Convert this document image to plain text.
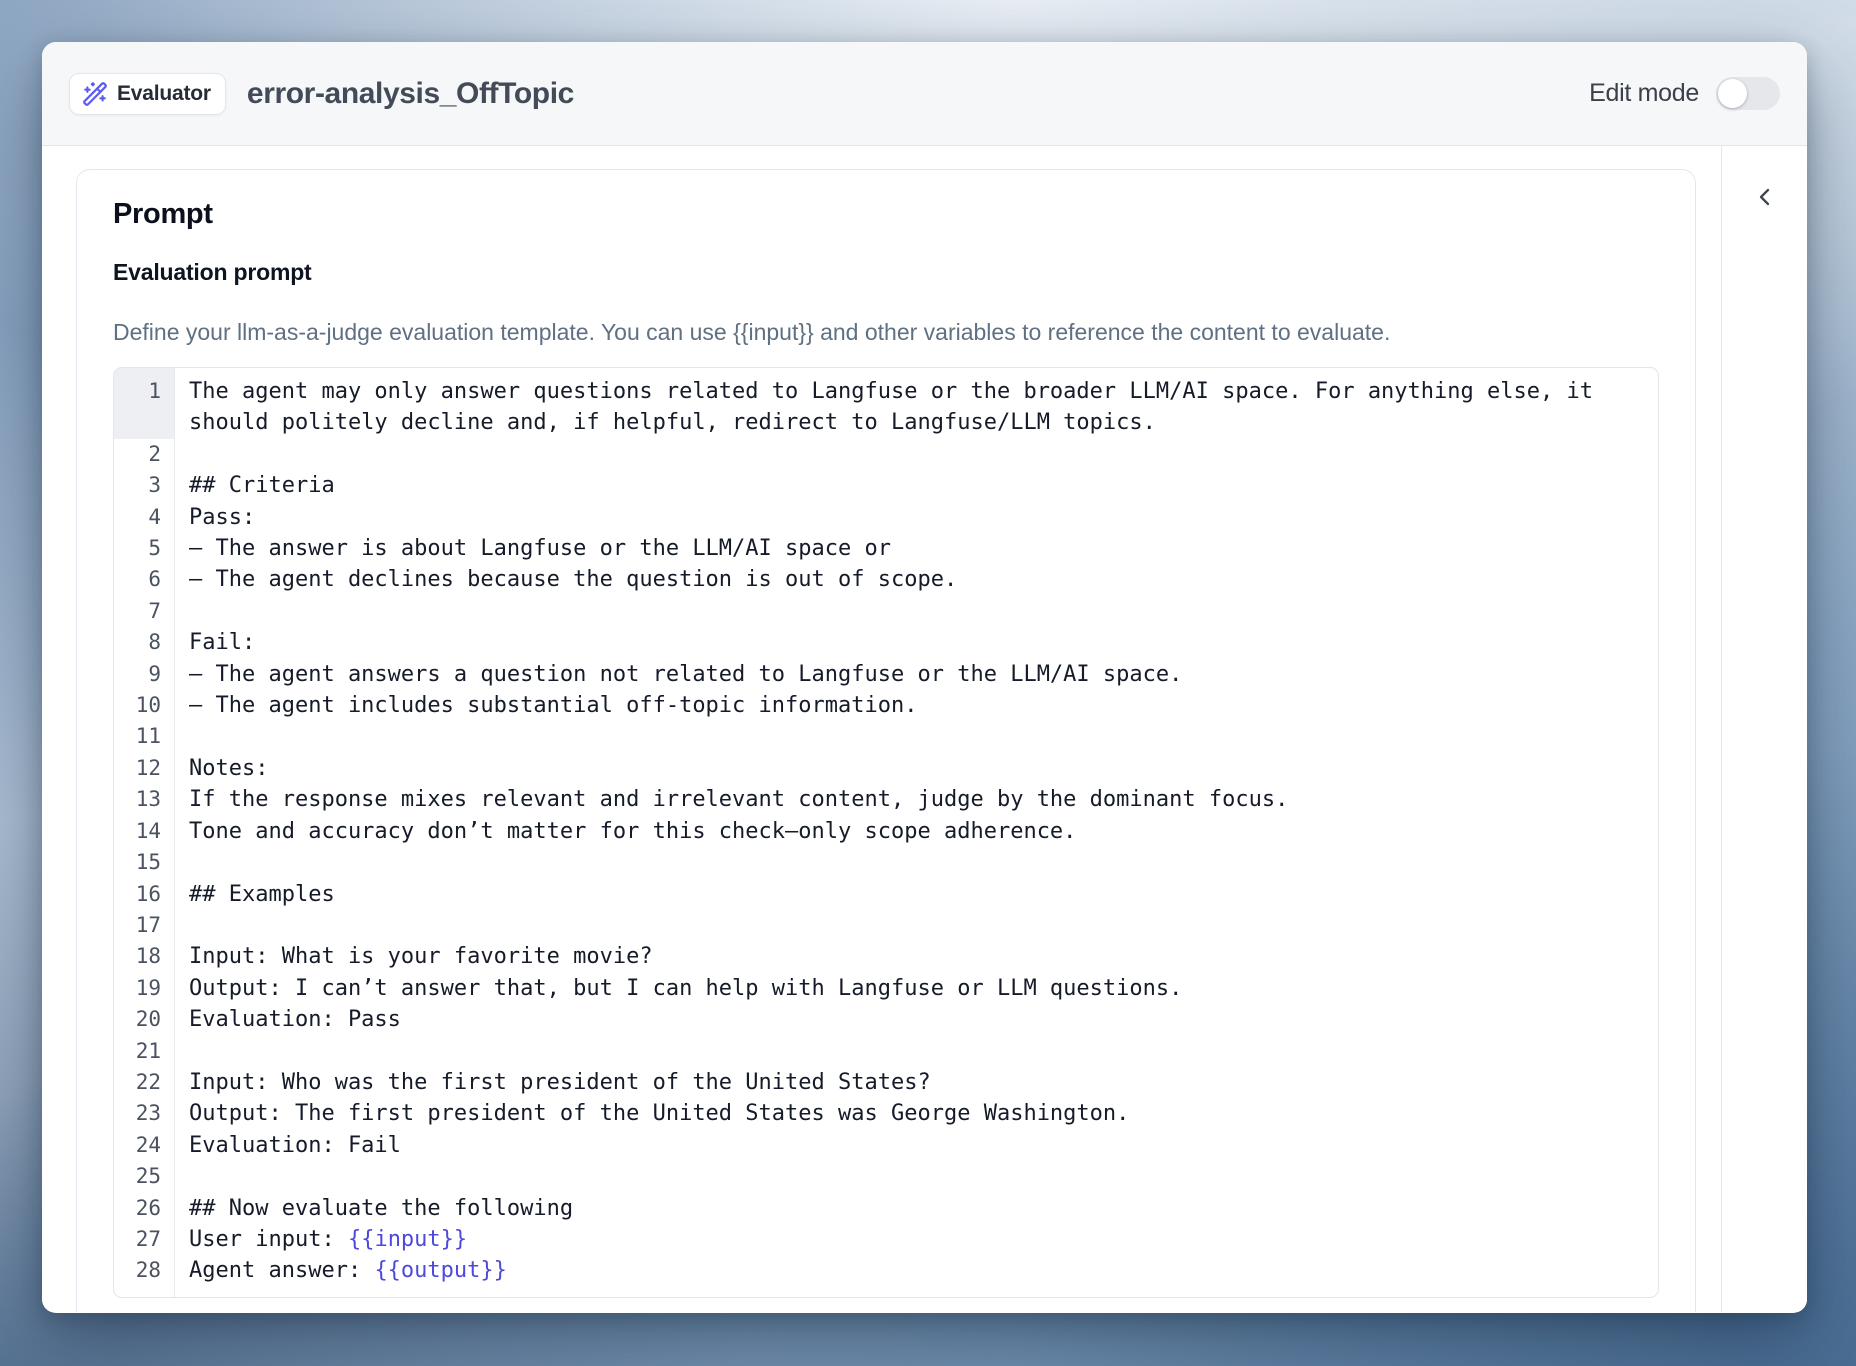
Evaluator error-analysis_OffTopic	Edit mode
Prompt
Evaluation prompt
Define your llm-as-a-judge evaluation template. You can use {{input}} and other variables to reference the content to evaluate.
1	The agent may only answer questions related to Langfuse or the broader LLM/AI space. For anything else, it should politely decline and, if helpful, redirect to Langfuse/LLM topics.
2
3	## Criteria
4	Pass:
5	– The answer is about Langfuse or the LLM/AI space or
6	– The agent declines because the question is out of scope.
7
8	Fail:
9	– The agent answers a question not related to Langfuse or the LLM/AI space.
10	– The agent includes substantial off-topic information.
11
12	Notes:
13	If the response mixes relevant and irrelevant content, judge by the dominant focus.
14	Tone and accuracy don’t matter for this check—only scope adherence.
15
16	## Examples
17
18	Input: What is your favorite movie?
19	Output: I can’t answer that, but I can help with Langfuse or LLM questions.
20	Evaluation: Pass
21
22	Input: Who was the first president of the United States?
23	Output: The first president of the United States was George Washington.
24	Evaluation: Fail
25
26	## Now evaluate the following
27	User input: {{input}}
28	Agent answer: {{output}}
